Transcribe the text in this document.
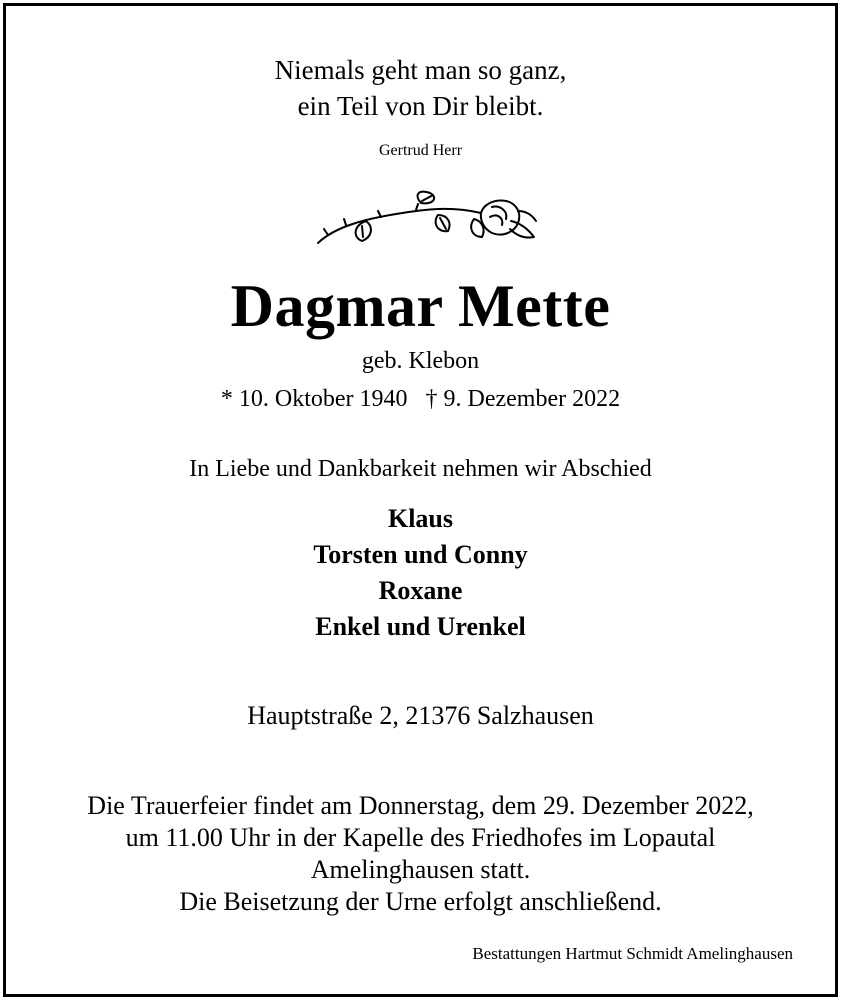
Niemals geht man so ganz,
ein Teil von Dir bleibt.
Gertrud Herr
Dagmar Mette
geb. Klebon
* 10. Oktober 1940 † 9. Dezember 2022
In Liebe und Dankbarkeit nehmen wir Abschied
Klaus
Torsten und Conny
Roxane
Enkel und Urenkel
Hauptstraße 2, 21376 Salzhausen
Die Trauerfeier findet am Donnerstag, dem 29. Dezember 2022,
um 11.00 Uhr in der Kapelle des Friedhofes im Lopautal
Amelinghausen statt.
Die Beisetzung der Urne erfolgt anschließend.
Bestattungen Hartmut Schmidt Amelinghausen
